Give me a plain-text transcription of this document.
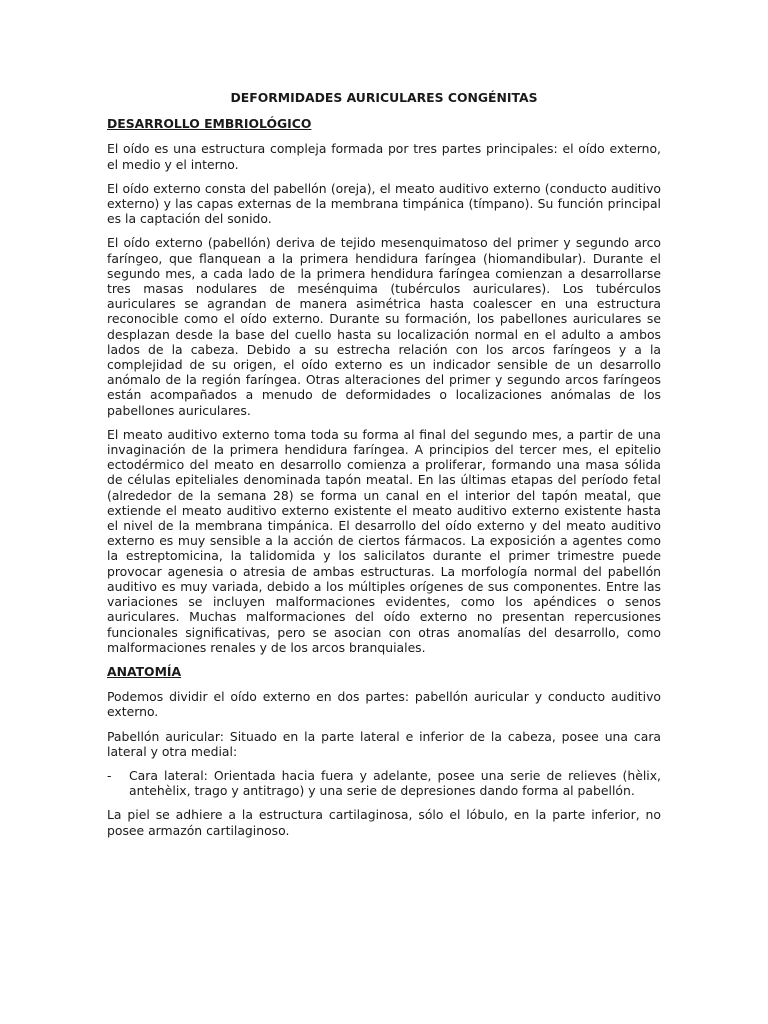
DEFORMIDADES AURICULARES CONGÉNITAS
DESARROLLO EMBRIOLÓGICO

El oído es una estructura compleja formada por tres partes principales: el oído externo, el medio y el interno.

El oído externo consta del pabellón (oreja), el meato auditivo externo (conducto auditivo externo) y las capas externas de la membrana timpánica (tímpano). Su función principal es la captación del sonido.

El oído externo (pabellón) deriva de tejido mesenquimatoso del primer y segundo arco faríngeo, que flanquean a la primera hendidura faríngea (hiomandibular). Durante el segundo mes, a cada lado de la primera hendidura faríngea comienzan a desarrollarse tres masas nodulares de mesénquima (tubérculos auriculares). Los tubérculos auriculares se agrandan de manera asimétrica hasta coalescer en una estructura reconocible como el oído externo. Durante su formación, los pabellones auriculares se desplazan desde la base del cuello hasta su localización normal en el adulto a ambos lados de la cabeza. Debido a su estrecha relación con los arcos faríngeos y a la complejidad de su origen, el oído externo es un indicador sensible de un desarrollo anómalo de la región faríngea. Otras alteraciones del primer y segundo arcos faríngeos están acompañados a menudo de deformidades o localizaciones anómalas de los pabellones auriculares.

El meato auditivo externo toma toda su forma al final del segundo mes, a partir de una invaginación de la primera hendidura faríngea. A principios del tercer mes, el epitelio ectodérmico del meato en desarrollo comienza a proliferar, formando una masa sólida de células epiteliales denominada tapón meatal. En las últimas etapas del período fetal (alrededor de la semana 28) se forma un canal en el interior del tapón meatal, que extiende el meato auditivo externo existente el meato auditivo externo existente hasta el nivel de la membrana timpánica. El desarrollo del oído externo y del meato auditivo externo es muy sensible a la acción de ciertos fármacos. La exposición a agentes como la estreptomicina, la talidomida y los salicilatos durante el primer trimestre puede provocar agenesia o atresia de ambas estructuras. La morfología normal del pabellón auditivo es muy variada, debido a los múltiples orígenes de sus componentes. Entre las variaciones se incluyen malformaciones evidentes, como los apéndices o senos auriculares. Muchas malformaciones del oído externo no presentan repercusiones funcionales significativas, pero se asocian con otras anomalías del desarrollo, como malformaciones renales y de los arcos branquiales.

ANATOMÍA

Podemos dividir el oído externo en dos partes: pabellón auricular y conducto auditivo externo.

Pabellón auricular: Situado en la parte lateral e inferior de la cabeza, posee una cara lateral y otra medial:

-	Cara lateral: Orientada hacia fuera y adelante, posee una serie de relieves (hèlix, antehèlix, trago y antitrago) y una serie de depresiones dando forma al pabellón.

La piel se adhiere a la estructura cartilaginosa, sólo el lóbulo, en la parte inferior, no posee armazón cartilaginoso.
